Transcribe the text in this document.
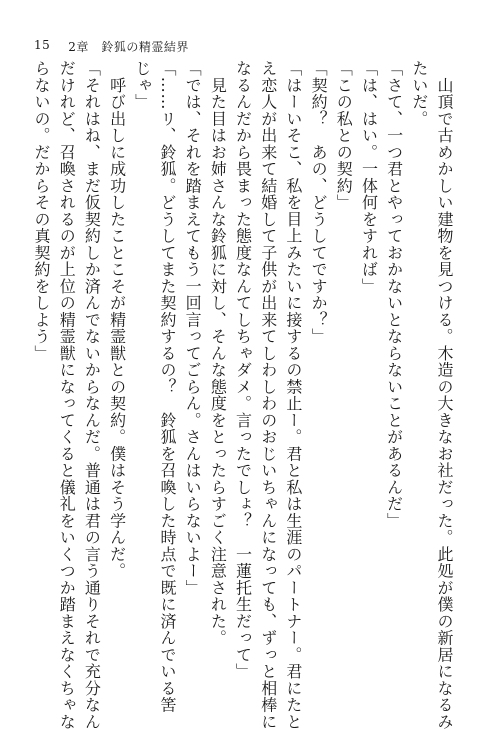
15 2章　鈴狐の精霊結界
　山頂で古めかしい建物を見つける。木造の大きなお社だった。此処が僕の新居になるみ
たいだ。
「さて、一つ君とやっておかないとならないことがあるんだ」
「は、はい。一体何をすれば」
「この私との契約」
「契約？　あの、どうしてですか？」
「はーいそこ、私を目上みたいに接するの禁止ー。君と私は生涯のパートナー。君にたと
え恋人が出来て結婚して子供が出来てしわしわのおじいちゃんになっても、ずっと相棒に
なるんだから畏まった態度なんてしちゃダメ。言ったでしょ？　一蓮托生だって」
　見た目はお姉さんな鈴狐に対し、そんな態度をとったらすごく注意された。
「では、それを踏まえてもう一回言ってごらん。さんはいらないよー」
「……リ、鈴狐。どうしてまた契約するの？　鈴狐を召喚した時点で既に済んでいる筈
じゃ」
　呼び出しに成功したことこそが精霊獣との契約。僕はそう学んだ。
「それはね、まだ仮契約しか済んでないからなんだ。普通は君の言う通りそれで充分なん
だけれど、召喚されるのが上位の精霊獣になってくると儀礼をいくつか踏まえなくちゃな
らないの。だからその真契約をしよう」
